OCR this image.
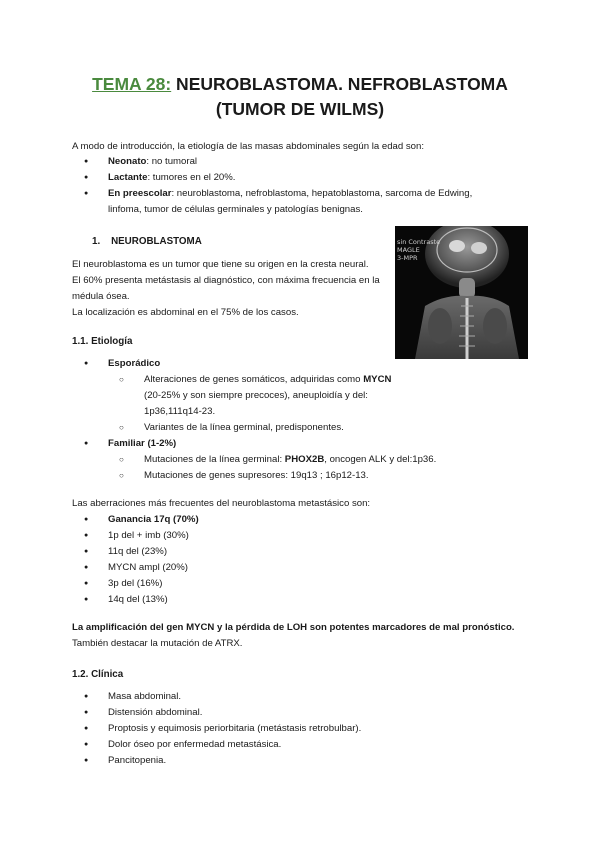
TEMA 28: NEUROBLASTOMA. NEFROBLASTOMA (TUMOR DE WILMS)
A modo de introducción, la etiología de las masas abdominales según la edad son:
● Neonato: no tumoral
● Lactante: tumores en el 20%.
● En preescolar: neuroblastoma, nefroblastoma, hepatoblastoma, sarcoma de Edwing, linfoma, tumor de células germinales y patologías benignas.
1. NEUROBLASTOMA
El neuroblastoma es un tumor que tiene su origen en la cresta neural.
El 60% presenta metástasis al diagnóstico, con máxima frecuencia en la médula ósea.
La localización es abdominal en el 75% de los casos.
sin Contraste
MAGLE
3-MPR
1.1. Etiología
● Esporádico
○ Alteraciones de genes somáticos, adquiridas como MYCN (20-25% y son siempre precoces), aneuploidía y del: 1p36,111q14-23.
○ Variantes de la línea germinal, predisponentes.
● Familiar (1-2%)
○ Mutaciones de la línea germinal: PHOX2B, oncogen ALK y del:1p36.
○ Mutaciones de genes supresores: 19q13 ; 16p12-13.
Las aberraciones más frecuentes del neuroblastoma metastásico son:
● Ganancia 17q (70%)
● 1p del + imb (30%)
● 11q del (23%)
● MYCN ampl (20%)
● 3p del (16%)
● 14q del (13%)
La amplificación del gen MYCN y la pérdida de LOH son potentes marcadores de mal pronóstico.
También destacar la mutación de ATRX.
1.2. Clínica
● Masa abdominal.
● Distensión abdominal.
● Proptosis y equimosis periorbitaria (metástasis retrobulbar).
● Dolor óseo por enfermedad metastásica.
● Pancitopenia.
